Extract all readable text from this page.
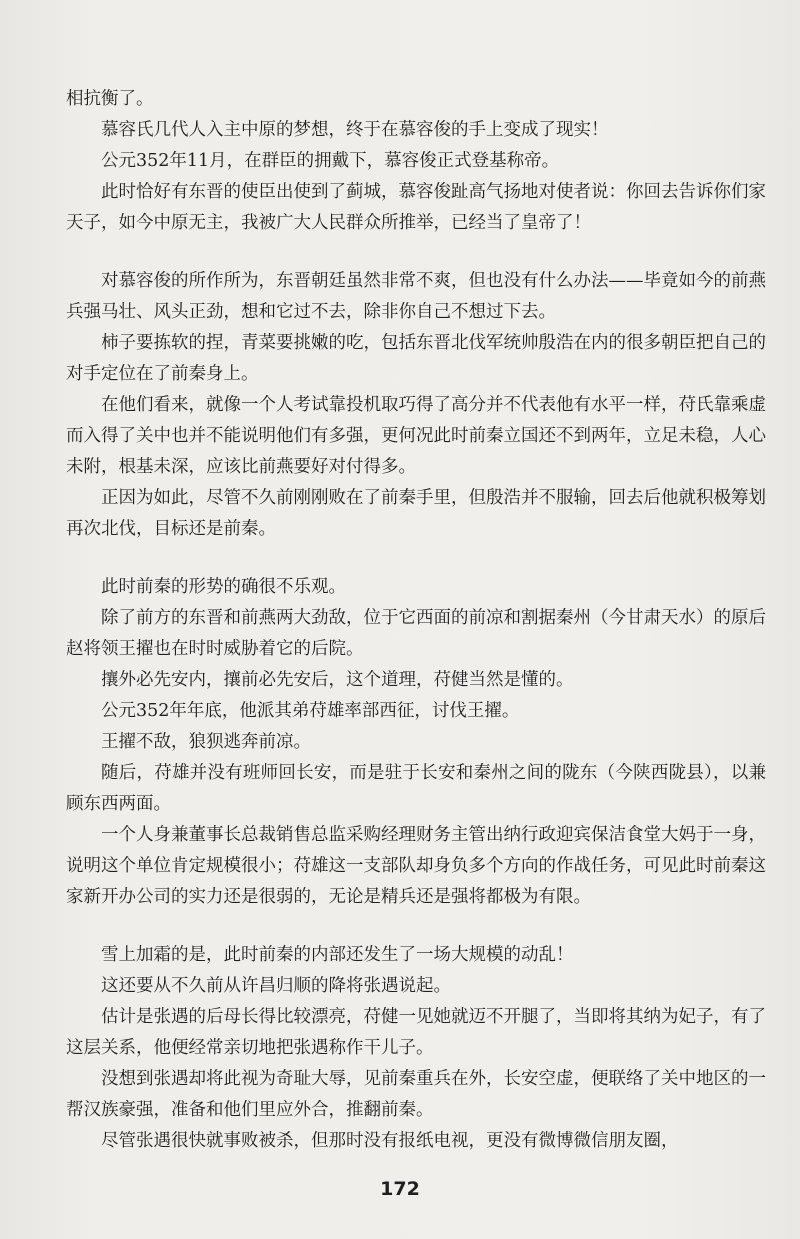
相抗衡了。

慕容氏几代人入主中原的梦想，终于在慕容俊的手上变成了现实！

公元352年11月，在群臣的拥戴下，慕容俊正式登基称帝。

此时恰好有东晋的使臣出使到了蓟城，慕容俊趾高气扬地对使者说：你回去告诉你们家天子，如今中原无主，我被广大人民群众所推举，已经当了皇帝了！

对慕容俊的所作所为，东晋朝廷虽然非常不爽，但也没有什么办法——毕竟如今的前燕兵强马壮、风头正劲，想和它过不去，除非你自己不想过下去。

柿子要拣软的捏，青菜要挑嫩的吃，包括东晋北伐军统帅殷浩在内的很多朝臣把自己的对手定位在了前秦身上。

在他们看来，就像一个人考试靠投机取巧得了高分并不代表他有水平一样，苻氏靠乘虚而入得了关中也并不能说明他们有多强，更何况此时前秦立国还不到两年，立足未稳，人心未附，根基未深，应该比前燕要好对付得多。

正因为如此，尽管不久前刚刚败在了前秦手里，但殷浩并不服输，回去后他就积极筹划再次北伐，目标还是前秦。

此时前秦的形势的确很不乐观。

除了前方的东晋和前燕两大劲敌，位于它西面的前凉和割据秦州（今甘肃天水）的原后赵将领王擢也在时时威胁着它的后院。

攘外必先安内，攘前必先安后，这个道理，苻健当然是懂的。

公元352年年底，他派其弟苻雄率部西征，讨伐王擢。

王擢不敌，狼狈逃奔前凉。

随后，苻雄并没有班师回长安，而是驻于长安和秦州之间的陇东（今陕西陇县），以兼顾东西两面。

一个人身兼董事长总裁销售总监采购经理财务主管出纳行政迎宾保洁食堂大妈于一身，说明这个单位肯定规模很小；苻雄这一支部队却身负多个方向的作战任务，可见此时前秦这家新开办公司的实力还是很弱的，无论是精兵还是强将都极为有限。

雪上加霜的是，此时前秦的内部还发生了一场大规模的动乱！

这还要从不久前从许昌归顺的降将张遇说起。

估计是张遇的后母长得比较漂亮，苻健一见她就迈不开腿了，当即将其纳为妃子，有了这层关系，他便经常亲切地把张遇称作干儿子。

没想到张遇却将此视为奇耻大辱，见前秦重兵在外，长安空虚，便联络了关中地区的一帮汉族豪强，准备和他们里应外合，推翻前秦。

尽管张遇很快就事败被杀，但那时没有报纸电视，更没有微博微信朋友圈，

172
